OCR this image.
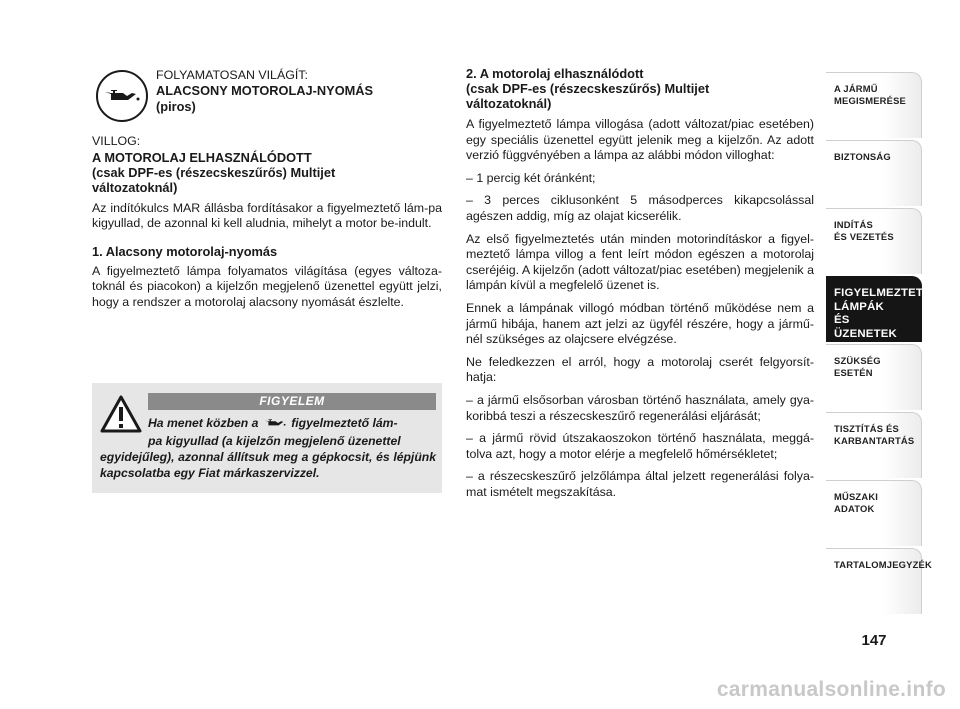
FOLYAMATOSAN VILÁGÍT:
ALACSONY MOTOROLAJ-NYOMÁS
(piros)
VILLOG:
A MOTOROLAJ ELHASZNÁLÓDOTT
(csak DPF-es (részecskeszűrős) Multijet
változatoknál)

Az indítókulcs MAR állásba fordításakor a figyelmeztető lám-pa kigyullad, de azonnal ki kell aludnia, mihelyt a motor be-indult.

1. Alacsony motorolaj-nyomás

A figyelmeztető lámpa folyamatos világítása (egyes változa-toknál és piacokon) a kijelzőn megjelenő üzenettel együtt jelzi, hogy a rendszer a motorolaj alacsony nyomását észlelte.

FIGYELEM
Ha menet közben a	figyelmeztető lám-
pa kigyullad (a kijelzőn megjelenő üzenettel
egyidejűleg), azonnal állítsuk meg a gépkocsit, és lépjünk kapcsolatba egy Fiat márkaszervizzel.
2. A motorolaj elhasználódott
(csak DPF-es (részecskeszűrős) Multijet
változatoknál)

A figyelmeztető lámpa villogása (adott változat/piac esetében) egy speciális üzenettel együtt jelenik meg a kijelzőn. Az adott verzió függvényében a lámpa az alábbi módon villoghat:

– 1 percig két óránként;

– 3 perces ciklusonként 5 másodperces kikapcsolással agészen addig, míg az olajat kicserélik.

Az első figyelmeztetés után minden motorindításkor a figyel-meztető lámpa villog a fent leírt módon egészen a motorolaj cseréjéig. A kijelzőn (adott változat/piac esetében) megjelenik a lámpán kívül a megfelelő üzenet is.

Ennek a lámpának villogó módban történő működése nem a jármű hibája, hanem azt jelzi az ügyfél részére, hogy a jármű-nél szükséges az olajcsere elvégzése.

Ne feledkezzen el arról, hogy a motorolaj cserét felgyorsít-hatja:

– a jármű elsősorban városban történő használata, amely gya-koribbá teszi a részecskeszűrő regenerálási eljárását;

– a jármű rövid útszakaoszokon történő használata, meggá-tolva azt, hogy a motor elérje a megfelelő hőmérsékletet;

– a részecskeszűrő jelzőlámpa által jelzett regenerálási folya-mat ismételt megszakítása.

A JÁRMŰ
MEGISMERÉSE
BIZTONSÁG
INDÍTÁS
ÉS VEZETÉS
FIGYELMEZTETŐ
LÁMPÁK
ÉS ÜZENETEK
SZÜKSÉG
ESETÉN
TISZTÍTÁS ÉS
KARBANTARTÁS
MŰSZAKI
ADATOK
TARTALOMJEGYZÉK
147
carmanualsonline.info
